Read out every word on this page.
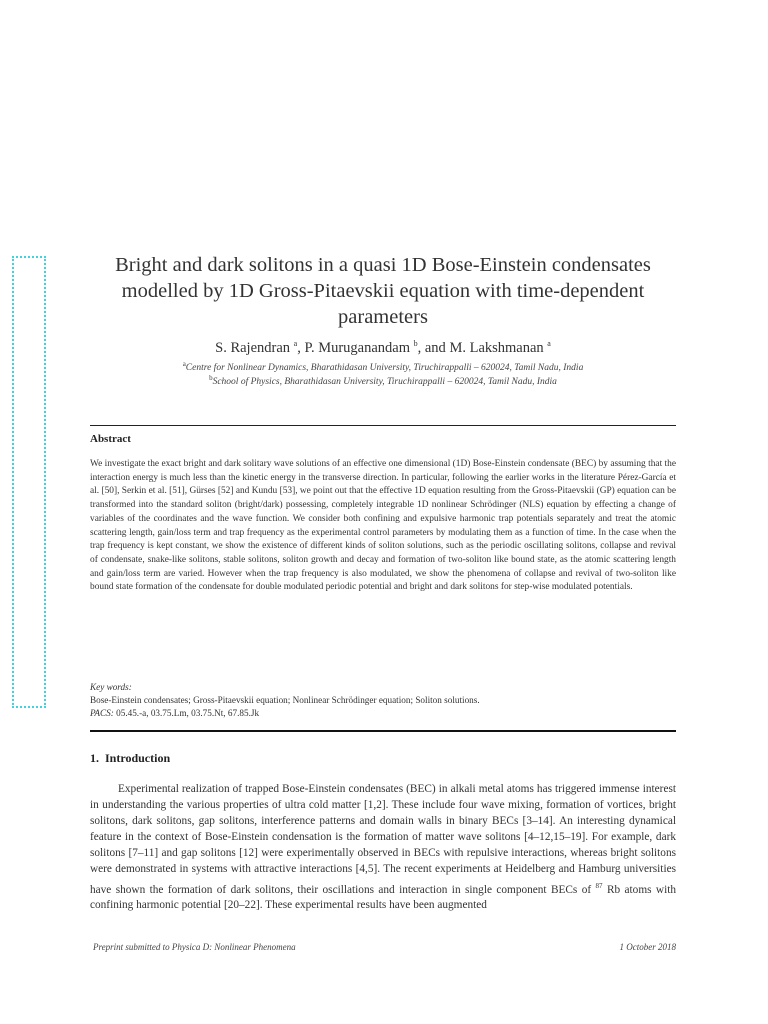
Bright and dark solitons in a quasi 1D Bose-Einstein condensates modelled by 1D Gross-Pitaevskii equation with time-dependent parameters
S. Rajendran $^a$, P. Muruganandam $^b$, and M. Lakshmanan $^a$
$^a$Centre for Nonlinear Dynamics, Bharathidasan University, Tiruchirappalli – 620024, Tamil Nadu, India
$^b$School of Physics, Bharathidasan University, Tiruchirappalli – 620024, Tamil Nadu, India
Abstract
We investigate the exact bright and dark solitary wave solutions of an effective one dimensional (1D) Bose-Einstein condensate (BEC) by assuming that the interaction energy is much less than the kinetic energy in the transverse direction. In particular, following the earlier works in the literature Pérez-García et al. [50], Serkin et al. [51], Gürses [52] and Kundu [53], we point out that the effective 1D equation resulting from the Gross-Pitaevskii (GP) equation can be transformed into the standard soliton (bright/dark) possessing, completely integrable 1D nonlinear Schrödinger (NLS) equation by effecting a change of variables of the coordinates and the wave function. We consider both confining and expulsive harmonic trap potentials separately and treat the atomic scattering length, gain/loss term and trap frequency as the experimental control parameters by modulating them as a function of time. In the case when the trap frequency is kept constant, we show the existence of different kinds of soliton solutions, such as the periodic oscillating solitons, collapse and revival of condensate, snake-like solitons, stable solitons, soliton growth and decay and formation of two-soliton like bound state, as the atomic scattering length and gain/loss term are varied. However when the trap frequency is also modulated, we show the phenomena of collapse and revival of two-soliton like bound state formation of the condensate for double modulated periodic potential and bright and dark solitons for step-wise modulated potentials.
Key words:
Bose-Einstein condensates; Gross-Pitaevskii equation; Nonlinear Schrödinger equation; Soliton solutions.
PACS: 05.45.-a, 03.75.Lm, 03.75.Nt, 67.85.Jk
1. Introduction
Experimental realization of trapped Bose-Einstein condensates (BEC) in alkali metal atoms has triggered immense interest in understanding the various properties of ultra cold matter [1,2]. These include four wave mixing, formation of vortices, bright solitons, dark solitons, gap solitons, interference patterns and domain walls in binary BECs [3–14]. An interesting dynamical feature in the context of Bose-Einstein condensation is the formation of matter wave solitons [4–12,15–19]. For example, dark solitons [7–11] and gap solitons [12] were experimentally observed in BECs with repulsive interactions, whereas bright solitons were demonstrated in systems with attractive interactions [4,5]. The recent experiments at Heidelberg and Hamburg universities have shown the formation of dark solitons, their oscillations and interaction in single component BECs of $^{87}$ Rb atoms with confining harmonic potential [20–22]. These experimental results have been augmented
Preprint submitted to Physica D: Nonlinear Phenomena	1 October 2018
